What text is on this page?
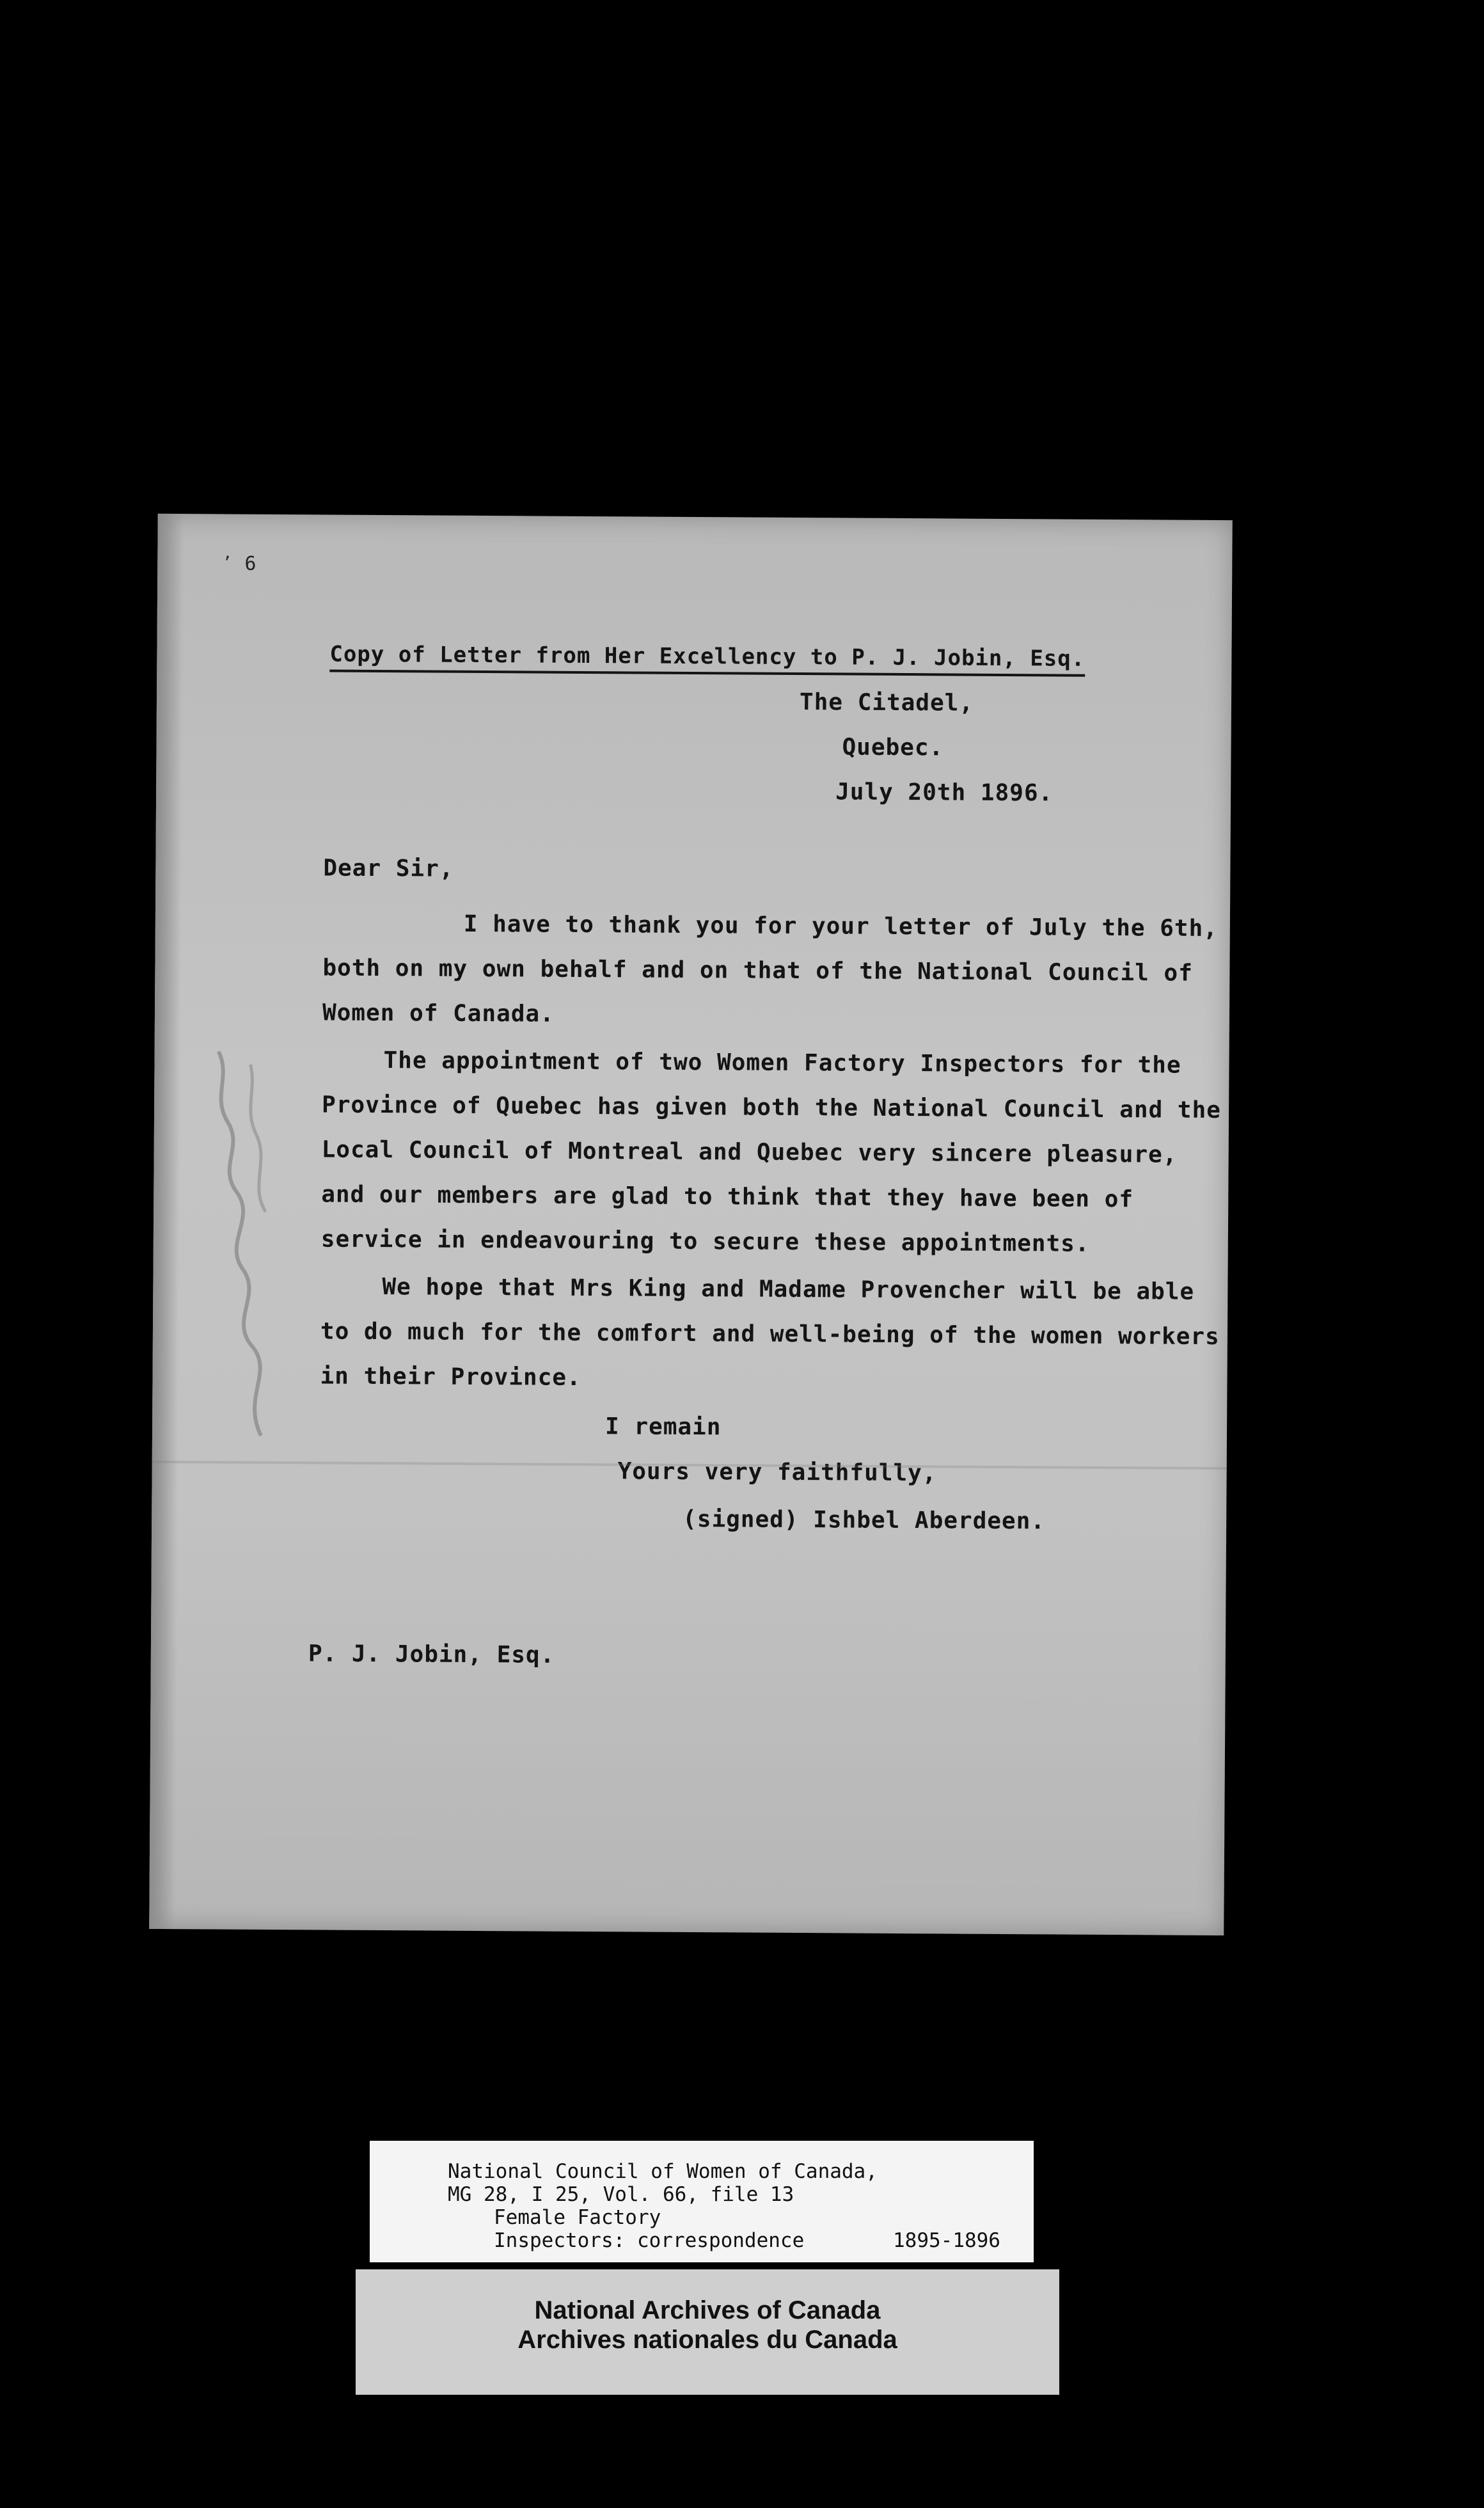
٬ 6
Copy of Letter from Her Excellency to P. J. Jobin, Esq.
The Citadel,
Quebec.
July 20th 1896.
Dear Sir,
I have to thank you for your letter of July the 6th,
both on my own behalf and on that of the National Council of
Women of Canada.
The appointment of two Women Factory Inspectors for the
Province of Quebec has given both the National Council and the
Local Council of Montreal and Quebec very sincere pleasure,
and our members are glad to think that they have been of
service in endeavouring to secure these appointments.
We hope that Mrs King and Madame Provencher will be able
to do much for the comfort and well-being of the women workers
in their Province.
I remain
Yours very faithfully,
(signed) Ishbel Aberdeen.
P. J. Jobin, Esq.
National Council of Women of Canada,
MG 28, I 25, Vol. 66, file 13
Female Factory
Inspectors: correspondence	1895-1896
National Archives of Canada
Archives nationales du Canada
